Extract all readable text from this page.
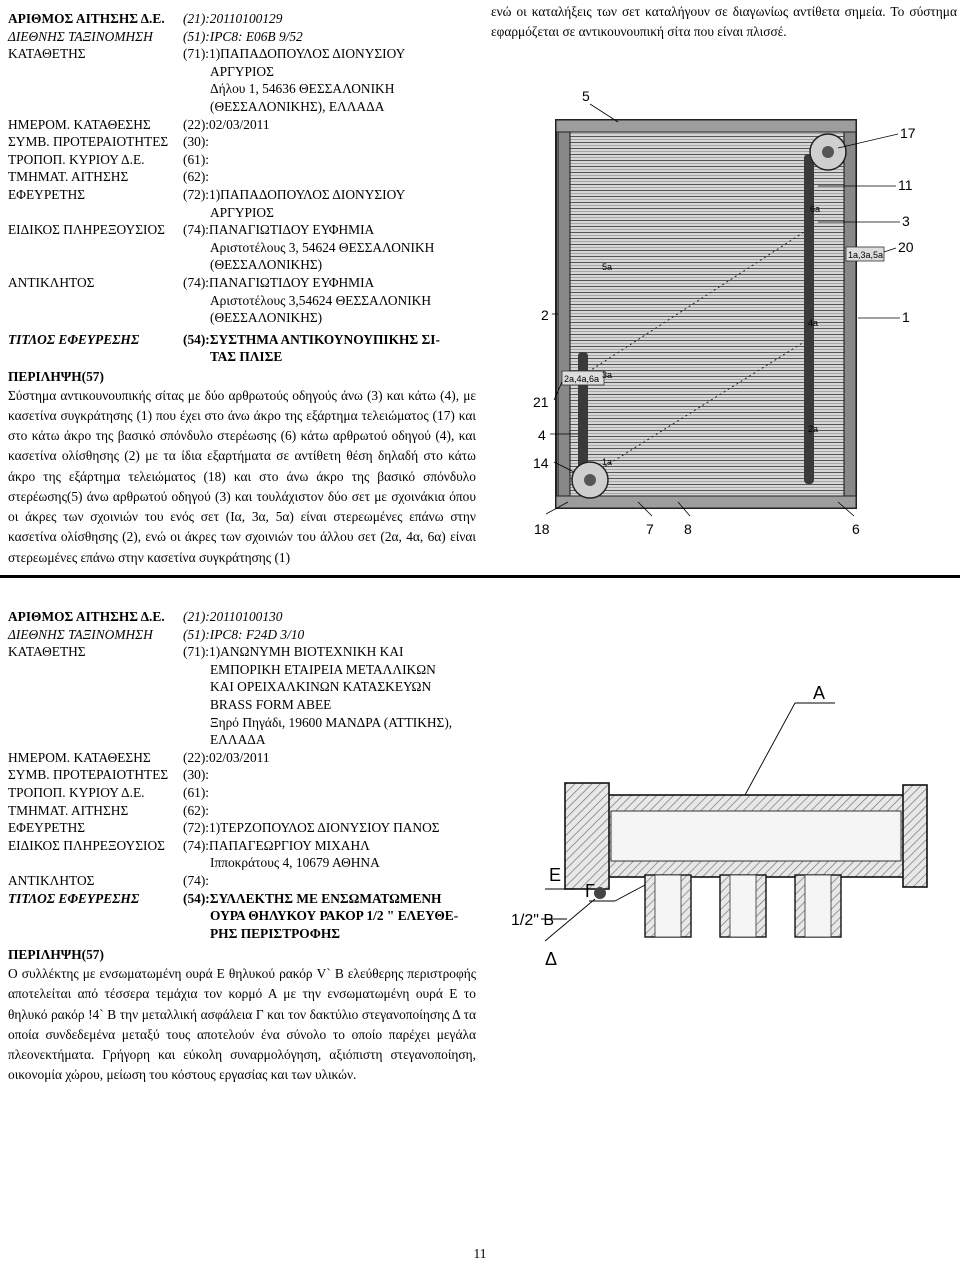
ΑΡΙΘΜΟΣ ΑΙΤΗΣΗΣ Δ.Ε.	(21):20110100129
ΔΙΕΘΝΗΣ ΤΑΞΙΝΟΜΗΣΗ	(51):IPC8: E06B 9/52
ΚΑΤΑΘΕΤΗΣ	(71):1)ΠΑΠΑΔΟΠΟΥΛΟΣ ΔΙΟΝΥΣΙΟΥ
ΑΡΓΥΡΙΟΣ
Δήλου 1, 54636 ΘΕΣΣΑΛΟΝΙΚΗ
(ΘΕΣΣΑΛΟΝΙΚΗΣ), ΕΛΛΑΔΑ
ΗΜΕΡΟΜ. ΚΑΤΑΘΕΣΗΣ	(22):02/03/2011
ΣΥΜΒ. ΠΡΟΤΕΡΑΙΟΤΗΤΕΣ	(30):
ΤΡΟΠΟΠ. ΚΥΡΙΟΥ Δ.Ε.	(61):
ΤΜΗΜΑΤ. ΑΙΤΗΣΗΣ	(62):
ΕΦΕΥΡΕΤΗΣ	(72):1)ΠΑΠΑΔΟΠΟΥΛΟΣ ΔΙΟΝΥΣΙΟΥ
ΑΡΓΥΡΙΟΣ
ΕΙΔΙΚΟΣ ΠΛΗΡΕΞΟΥΣΙΟΣ	(74):ΠΑΝΑΓΙΩΤΙΔΟΥ ΕΥΦΗΜΙΑ
Αριστοτέλους 3, 54624 ΘΕΣΣΑΛΟΝΙΚΗ
(ΘΕΣΣΑΛΟΝΙΚΗΣ)
ΑΝΤΙΚΛΗΤΟΣ	(74):ΠΑΝΑΓΙΩΤΙΔΟΥ ΕΥΦΗΜΙΑ
Αριστοτέλους 3,54624 ΘΕΣΣΑΛΟΝΙΚΗ
(ΘΕΣΣΑΛΟΝΙΚΗΣ)
ΤΙΤΛΟΣ ΕΦΕΥΡΕΣΗΣ	(54):ΣΥΣΤΗΜΑ ΑΝΤΙΚΟΥΝΟΥΠΙΚΗΣ ΣΙ-
ΤΑΣ ΠΛΙΣΕ
ΠΕΡΙΛΗΨΗ(57)
Σύστημα αντικουνουπικής σίτας με δύο αρθρωτούς οδηγούς άνω (3) και κάτω (4), με κασετίνα συγκράτησης (1) που έχει στο άνω άκρο της εξάρτημα τελειώματος (17) και στο κάτω άκρο της βασικό σπόνδυλο στερέωσης (6) κάτω αρθρωτού οδηγού (4), και κασετίνα ολίσθησης (2) με τα ίδια εξαρτήματα σε αντίθετη θέση δηλαδή στο κάτω άκρο της εξάρτημα τελειώματος (18) και στο άνω άκρο της βασικό σπόνδυλο στερέωσης(5) άνω αρθρωτού οδηγού (3) και τουλάχιστον δύο σετ με σχοινάκια όπου οι άκρες των σχοινιών του ενός σετ (Ια, 3α, 5α) είναι στερεωμένες επάνω στην κασετίνα ολίσθησης (2), ενώ οι άκρες των σχοινιών του άλλου σετ (2α, 4α, 6α) είναι στερεωμένες επάνω στην κασετίνα συγκράτησης (1)
ενώ οι καταλήξεις των σετ καταλήγουν σε διαγωνίως αντίθετα σημεία. Το σύστημα εφαρμόζεται σε αντικουνουπική σίτα που είναι πλισσέ.
1a,3a,5a
2a,4a,6a
6a
5a
4a
3a
2a
1a
5
17
11
3
20
1
2
21
4
14
18	7 8	6
ΑΡΙΘΜΟΣ ΑΙΤΗΣΗΣ Δ.Ε.	(21):20110100130
ΔΙΕΘΝΗΣ ΤΑΞΙΝΟΜΗΣΗ	(51):IPC8: F24D 3/10
ΚΑΤΑΘΕΤΗΣ	(71):1)ΑΝΩΝΥΜΗ ΒΙΟΤΕΧΝΙΚΗ ΚΑΙ
ΕΜΠΟΡΙΚΗ ΕΤΑΙΡΕΙΑ ΜΕΤΑΛΛΙΚΩΝ
ΚΑΙ ΟΡΕΙΧΑΛΚΙΝΩΝ ΚΑΤΑΣΚΕΥΩΝ
BRASS FORM ABEE
Ξηρό Πηγάδι, 19600 ΜΑΝΔΡΑ (ΑΤΤΙΚΗΣ),
ΕΛΛΑΔΑ
ΗΜΕΡΟΜ. ΚΑΤΑΘΕΣΗΣ	(22):02/03/2011
ΣΥΜΒ. ΠΡΟΤΕΡΑΙΟΤΗΤΕΣ	(30):
ΤΡΟΠΟΠ. ΚΥΡΙΟΥ Δ.Ε.	(61):
ΤΜΗΜΑΤ. ΑΙΤΗΣΗΣ	(62):
ΕΦΕΥΡΕΤΗΣ	(72):1)ΤΕΡΖΟΠΟΥΛΟΣ ΔΙΟΝΥΣΙΟΥ ΠΑΝΟΣ
ΕΙΔΙΚΟΣ ΠΛΗΡΕΞΟΥΣΙΟΣ	(74):ΠΑΠΑΓΕΩΡΓΙΟΥ ΜΙΧΑΗΛ
Ιπποκράτους 4, 10679 ΑΘΗΝΑ
ΑΝΤΙΚΛΗΤΟΣ	(74):
ΤΙΤΛΟΣ ΕΦΕΥΡΕΣΗΣ	(54):ΣΥΛΛΕΚΤΗΣ ΜΕ ΕΝΣΩΜΑΤΩΜΕΝΗ
ΟΥΡΑ ΘΗΛΥΚΟΥ ΡΑΚΟΡ 1/2 " ΕΛΕΥΘΕ-
ΡΗΣ ΠΕΡΙΣΤΡΟΦΗΣ
ΠΕΡΙΛΗΨΗ(57)
Ο συλλέκτης με ενσωματωμένη ουρά Ε θηλυκού ρακόρ V` Β ελεύθερης περιστροφής αποτελείται από τέσσερα τεμάχια τον κορμό Α με την ενσωματωμένη ουρά Ε το θηλυκό ρακόρ !4` Β την μεταλλική ασφάλεια Γ και τον δακτύλιο στεγανοποίησης Δ τα οποία συνδεδεμένα μεταξύ τους αποτελούν ένα σύνολο το οποίο παρέχει μεγάλα πλεονεκτήματα. Γρήγορη και εύκολη συναρμολόγηση, αξιόπιστη στεγανοποίηση, οικονομία χώρου, μείωση του κόστους εργασίας και των υλικών.
A
E
Γ
1/2" B
Δ
11
